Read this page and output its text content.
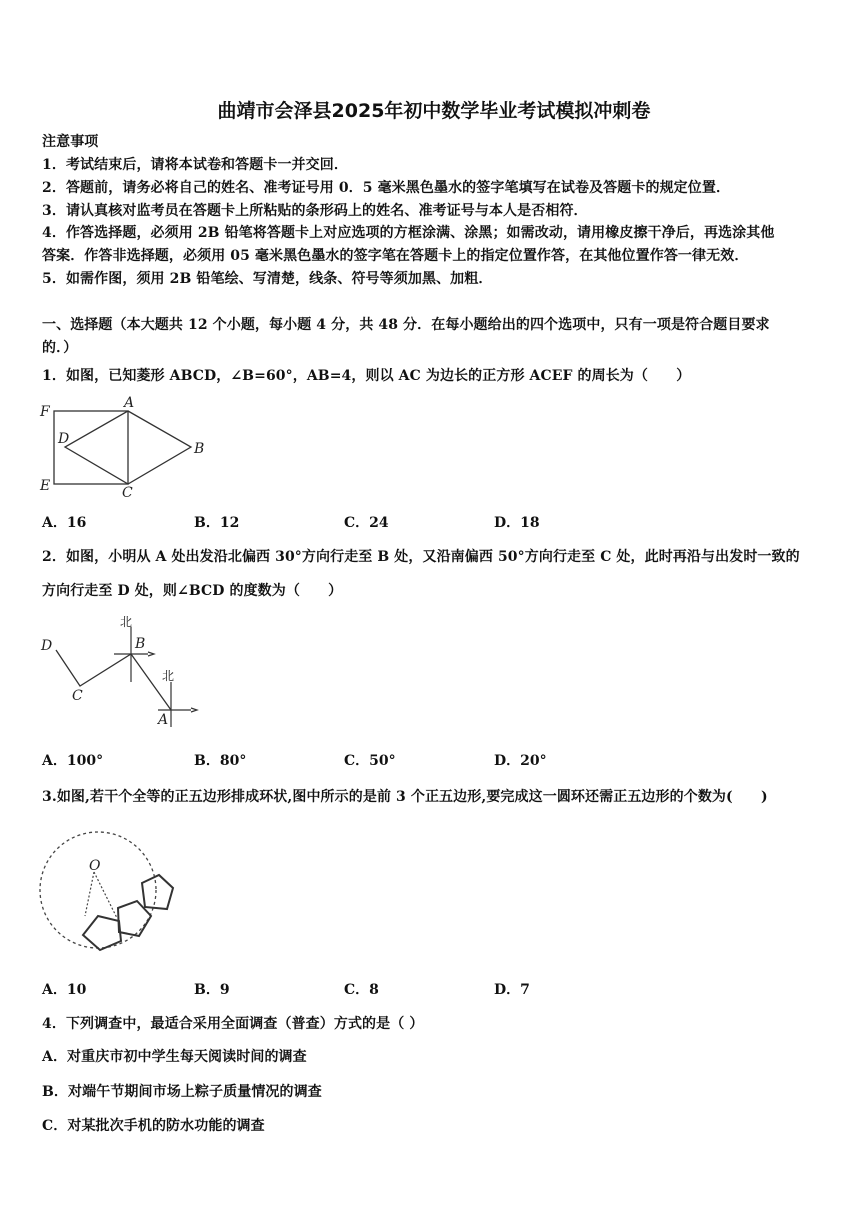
曲靖市会泽县2025年初中数学毕业考试模拟冲刺卷
注意事项
1．考试结束后，请将本试卷和答题卡一并交回．
2．答题前，请务必将自己的姓名、准考证号用 0．5 毫米黑色墨水的签字笔填写在试卷及答题卡的规定位置．
3．请认真核对监考员在答题卡上所粘贴的条形码上的姓名、准考证号与本人是否相符．
4．作答选择题，必须用 2B 铅笔将答题卡上对应选项的方框涂满、涂黑；如需改动，请用橡皮擦干净后，再选涂其他
答案．作答非选择题，必须用 05 毫米黑色墨水的签字笔在答题卡上的指定位置作答，在其他位置作答一律无效．
5．如需作图，须用 2B 铅笔绘、写清楚，线条、符号等须加黑、加粗．
一、选择题（本大题共 12 个小题，每小题 4 分，共 48 分．在每小题给出的四个选项中，只有一项是符合题目要求
的．）
1．如图，已知菱形 ABCD，∠B=60°，AB=4，则以 AC 为边长的正方形 ACEF 的周长为（　　）
F
A
D
B
E	C
A．16	B．12	C．24	D．18
2．如图，小明从 A 处出发沿北偏西 30°方向行走至 B 处，又沿南偏西 50°方向行走至 C 处，此时再沿与出发时一致的
方向行走至 D 处，则∠BCD 的度数为（　　）
北
B
D
C
北
A
A．100°	B．80°	C．50°	D．20°
3.如图,若干个全等的正五边形排成环状,图中所示的是前 3 个正五边形,要完成这一圆环还需正五边形的个数为(　　)
O
A．10	B．9	C．8	D．7
4．下列调查中，最适合采用全面调查（普查）方式的是（ ）
A．对重庆市初中学生每天阅读时间的调查
B．对端午节期间市场上粽子质量情况的调查
C．对某批次手机的防水功能的调查
